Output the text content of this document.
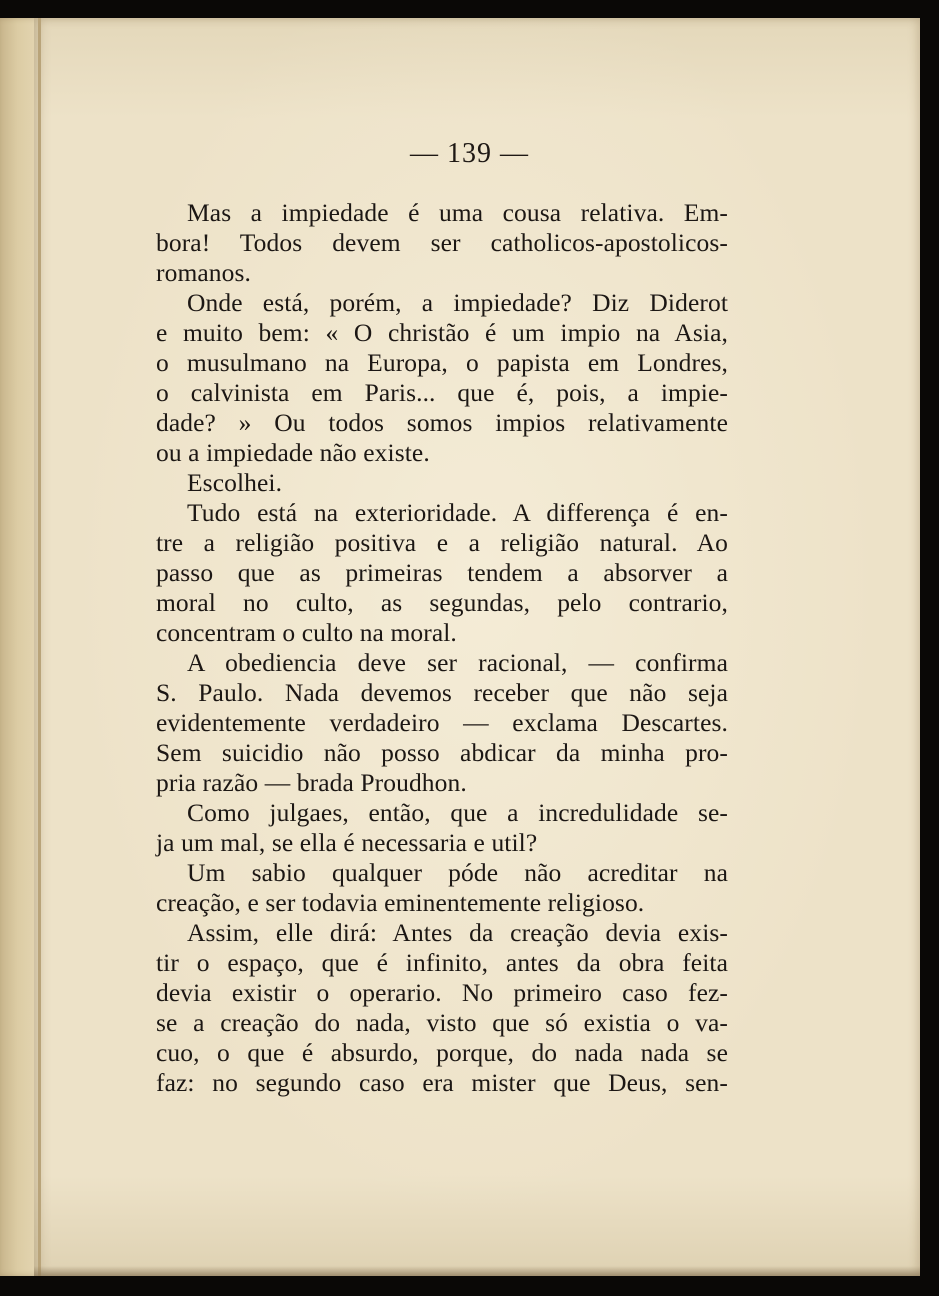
— 139 —
Mas a impiedade é uma cousa relativa. Em-
bora! Todos devem ser catholicos-apostolicos-
romanos.
Onde está, porém, a impiedade? Diz Diderot
e muito bem: « O christão é um impio na Asia,
o musulmano na Europa, o papista em Londres,
o calvinista em Paris... que é, pois, a impie-
dade? » Ou todos somos impios relativamente
ou a impiedade não existe.
Escolhei.
Tudo está na exterioridade. A differença é en-
tre a religião positiva e a religião natural. Ao
passo que as primeiras tendem a absorver a
moral no culto, as segundas, pelo contrario,
concentram o culto na moral.
A obediencia deve ser racional, — confirma
S. Paulo. Nada devemos receber que não seja
evidentemente verdadeiro — exclama Descartes.
Sem suicidio não posso abdicar da minha pro-
pria razão — brada Proudhon.
Como julgaes, então, que a incredulidade se-
ja um mal, se ella é necessaria e util?
Um sabio qualquer póde não acreditar na
creação, e ser todavia eminentemente religioso.
Assim, elle dirá: Antes da creação devia exis-
tir o espaço, que é infinito, antes da obra feita
devia existir o operario. No primeiro caso fez-
se a creação do nada, visto que só existia o va-
cuo, o que é absurdo, porque, do nada nada se
faz: no segundo caso era mister que Deus, sen-
